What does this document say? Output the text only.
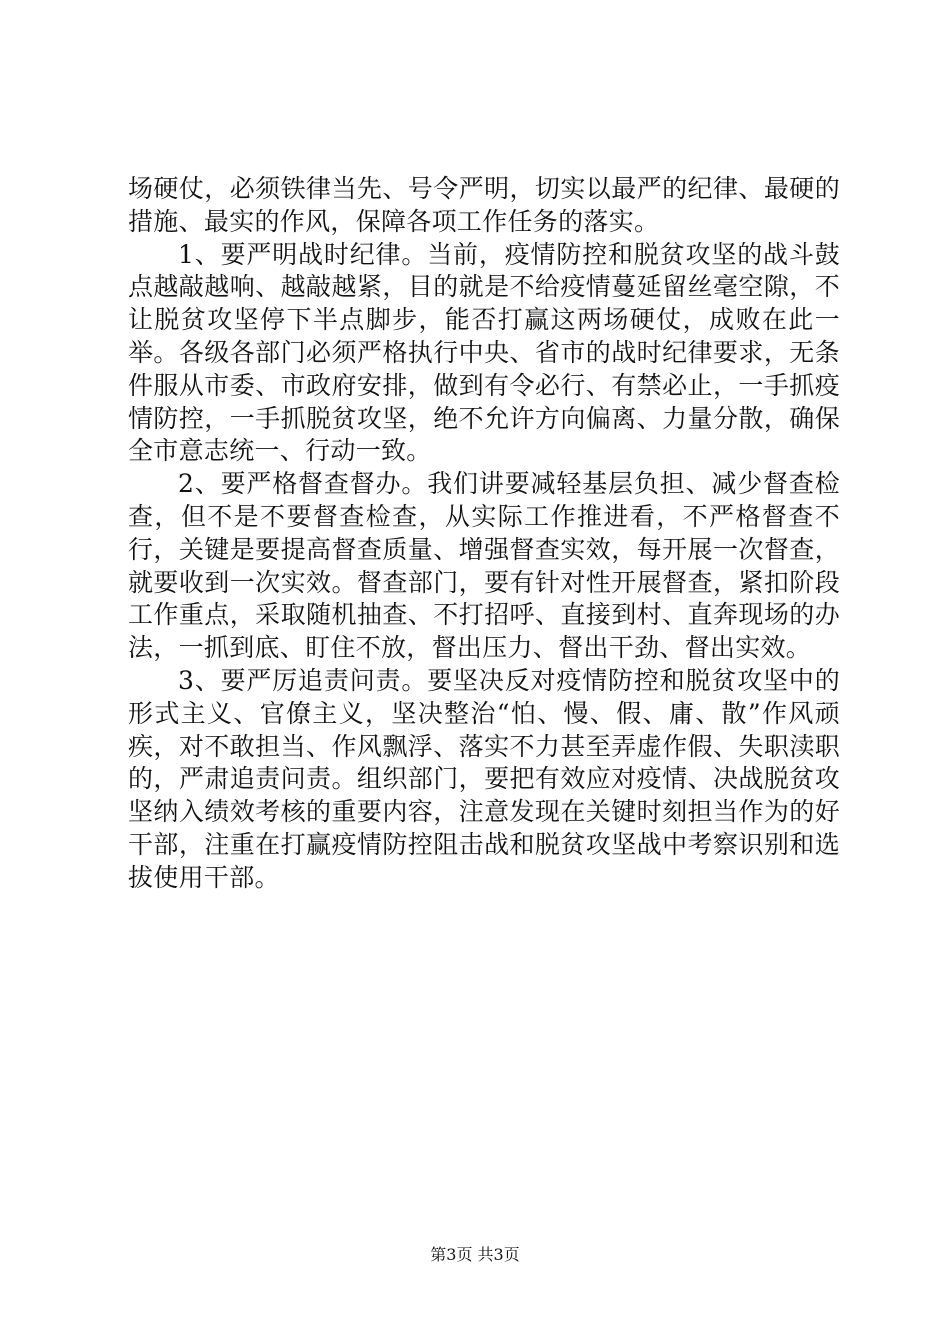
场硬仗，必须铁律当先、号令严明，切实以最严的纪律、最硬的措施、最实的作风，保障各项工作任务的落实。

1、要严明战时纪律。当前，疫情防控和脱贫攻坚的战斗鼓点越敲越响、越敲越紧，目的就是不给疫情蔓延留丝毫空隙，不让脱贫攻坚停下半点脚步，能否打赢这两场硬仗，成败在此一举。各级各部门必须严格执行中央、省市的战时纪律要求，无条件服从市委、市政府安排，做到有令必行、有禁必止，一手抓疫情防控，一手抓脱贫攻坚，绝不允许方向偏离、力量分散，确保全市意志统一、行动一致。

2、要严格督查督办。我们讲要减轻基层负担、减少督查检查，但不是不要督查检查，从实际工作推进看，不严格督查不行，关键是要提高督查质量、增强督查实效，每开展一次督查，就要收到一次实效。督查部门，要有针对性开展督查，紧扣阶段工作重点，采取随机抽查、不打招呼、直接到村、直奔现场的办法，一抓到底、盯住不放，督出压力、督出干劲、督出实效。

3、要严厉追责问责。要坚决反对疫情防控和脱贫攻坚中的形式主义、官僚主义，坚决整治“怕、慢、假、庸、散”作风顽疾，对不敢担当、作风飘浮、落实不力甚至弄虚作假、失职渎职的，严肃追责问责。组织部门，要把有效应对疫情、决战脱贫攻坚纳入绩效考核的重要内容，注意发现在关键时刻担当作为的好干部，注重在打赢疫情防控阻击战和脱贫攻坚战中考察识别和选拔使用干部。

第3页 共3页
